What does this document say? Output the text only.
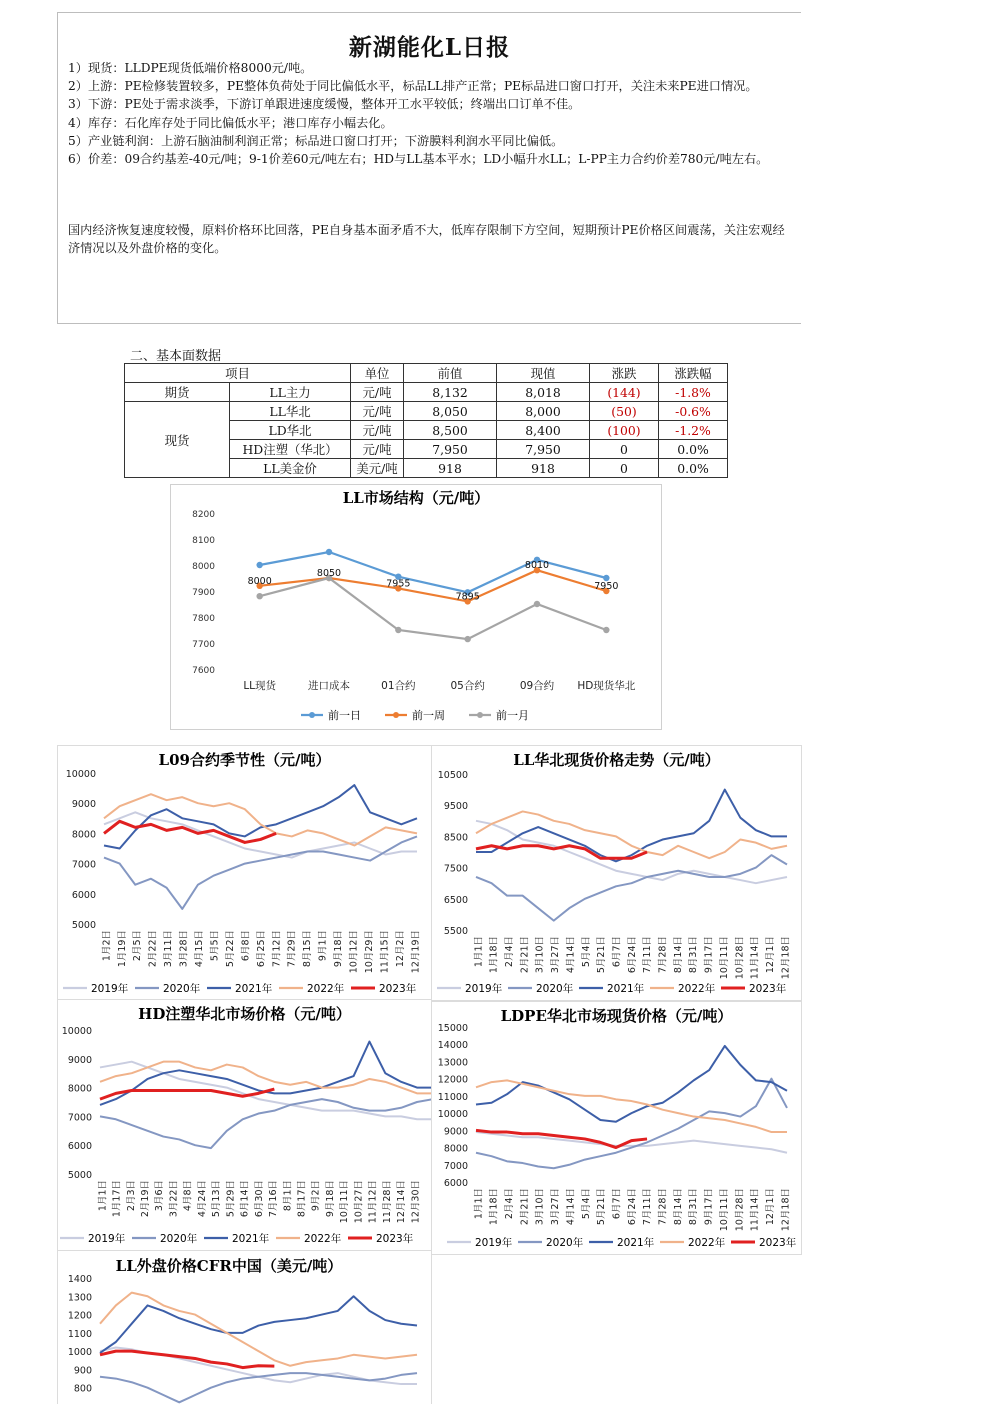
新湖能化L日报

1）现货：LLDPE现货低端价格8000元/吨。

2）上游：PE检修装置较多，PE整体负荷处于同比偏低水平，标品LL排产正常；PE标品进口窗口打开，关注未来PE进口情况。

3）下游：PE处于需求淡季，下游订单跟进速度缓慢，整体开工水平较低；终端出口订单不佳。

4）库存：石化库存处于同比偏低水平；港口库存小幅去化。

5）产业链利润：上游石脑油制利润正常；标品进口窗口打开；下游膜料利润水平同比偏低。

6）价差：09合约基差-40元/吨；9-1价差60元/吨左右；HD与LL基本平水；LD小幅升水LL；L-PP主力合约价差780元/吨左右。

国内经济恢复速度较慢，原料价格环比回落，PE自身基本面矛盾不大，低库存限制下方空间，短期预计PE价格区间震荡，关注宏观经济情况以及外盘价格的变化。
二、基本面数据
项目		单位	前值	现值	涨跌	涨跌幅
期货	LL主力	元/吨	8,132	8,018	(144)	-1.8%
现货	LL华北	元/吨	8,050	8,000	(50)	-0.6%
	LD华北	元/吨	8,500	8,400	(100)	-1.2%
	HD注塑（华北）	元/吨	7,950	7,950	0	0.0%
	LL美金价	美元/吨	918	918	0	0.0%
LL市场结构（元/吨）
8200
8100
8000
7900
7800
7700
7600
LL现货	进口成本	01合约	05合约	09合约 HD现货华北
8000
8050
7955
7895
8010
7950
前一日	前一周	前一月
L09合约季节性（元/吨）
10000
9000
8000
7000
6000
5000
1月2日 1月19日 2月5日 2月22日 3月11日 3月28日 4月15日 5月5日 5月22日 6月8日 6月25日 7月12日 7月29日 8月15日 9月1日 9月18日 10月12日 10月29日 11月15日 12月2日 12月19日
2019年	2020年	2021年	2022年	2023年
LL华北现货价格走势（元/吨）
10500
9500
8500
7500
6500
5500
1月1日 1月18日 2月4日 2月21日 3月10日 3月27日 4月14日 5月4日 5月21日 6月7日 6月24日 7月11日 7月28日 8月14日 8月31日 9月17日 10月11日 10月28日 11月14日 12月1日 12月18日
2019年	2020年	2021年	2022年	2023年
HD注塑华北市场价格（元/吨）
10000
9000
8000
7000
6000
5000
1月1日 1月17日 2月3日 2月19日 3月6日 3月22日 4月8日 4月24日 5月13日 5月29日 6月14日 6月30日 7月16日 8月1日 8月17日 9月2日 9月18日 10月11日 10月27日 11月12日 11月28日 12月14日 12月30日
2019年	2020年	2021年	2022年	2023年
LDPE华北市场现货价格（元/吨）
15000
14000
13000
12000
11000
10000
9000
8000
7000
6000
1月1日 1月18日 2月4日 2月21日 3月10日 3月27日 4月14日 5月4日 5月21日 6月7日 6月24日 7月11日 7月28日 8月14日 8月31日 9月17日 10月11日 10月28日 11月14日 12月1日 12月18日
2019年	2020年	2021年	2022年	2023年
LL外盘价格CFR中国（美元/吨）
1400
1300
1200
1100
1000
900
800
